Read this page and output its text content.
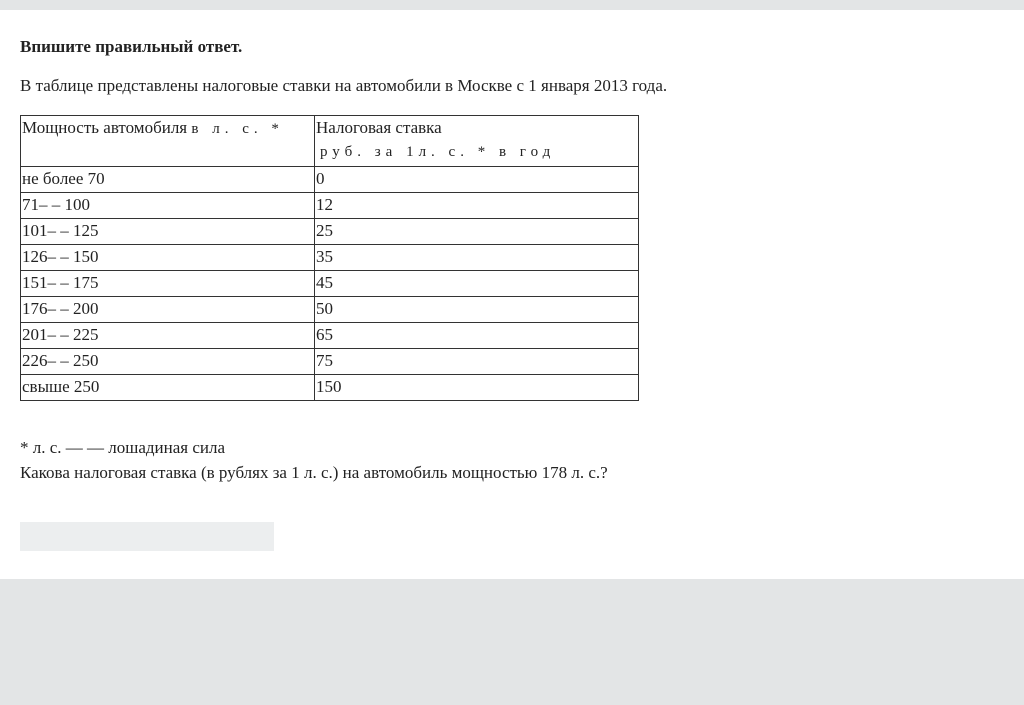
Впишите правильный ответ.

В таблице представлены налоговые ставки на автомобили в Москве с 1 января 2013 года.

Мощность автомобиля в л. с. *	Налоговая ставка
руб. за 1л. с. * в год

не более 70	0
71– – 100	12
101– – 125	25
126– – 150	35
151– – 175	45
176– – 200	50
201– – 225	65
226– – 250	75
свыше 250	150

* л. с. — — лошадиная сила

Какова налоговая ставка (в рублях за 1 л. с.) на автомобиль мощностью 178 л. с.?
